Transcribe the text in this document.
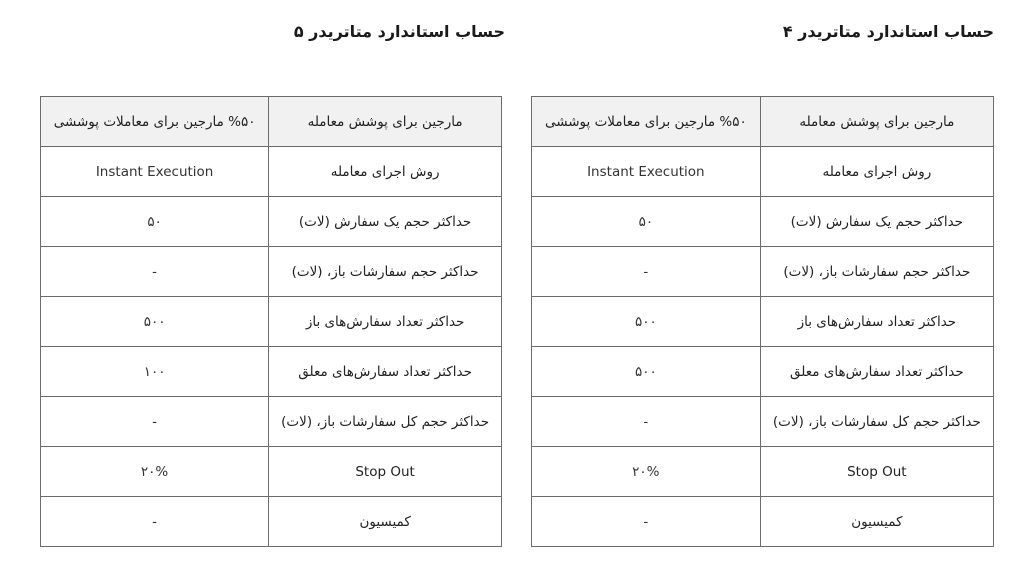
حساب استاندارد متاتریدر ۴
مارجین برای پوشش معامله	%۵۰ مارجین برای معاملات پوششی
روش اجرای معامله	Instant Execution
حداکثر حجم یک سفارش (لات)	۵۰
حداکثر حجم سفارشات باز، (لات)	-
حداکثر تعداد سفارش‌های باز	۵۰۰
حداکثر تعداد سفارش‌های معلق	۵۰۰
حداکثر حجم کل سفارشات باز، (لات)	-
Stop Out	۲۰%
کمیسیون	-
حساب استاندارد متاتریدر ۵
مارجین برای پوشش معامله	%۵۰ مارجین برای معاملات پوششی
روش اجرای معامله	Instant Execution
حداکثر حجم یک سفارش (لات)	۵۰
حداکثر حجم سفارشات باز، (لات)	-
حداکثر تعداد سفارش‌های باز	۵۰۰
حداکثر تعداد سفارش‌های معلق	۱۰۰
حداکثر حجم کل سفارشات باز، (لات)	-
Stop Out	۲۰%
کمیسیون	-
